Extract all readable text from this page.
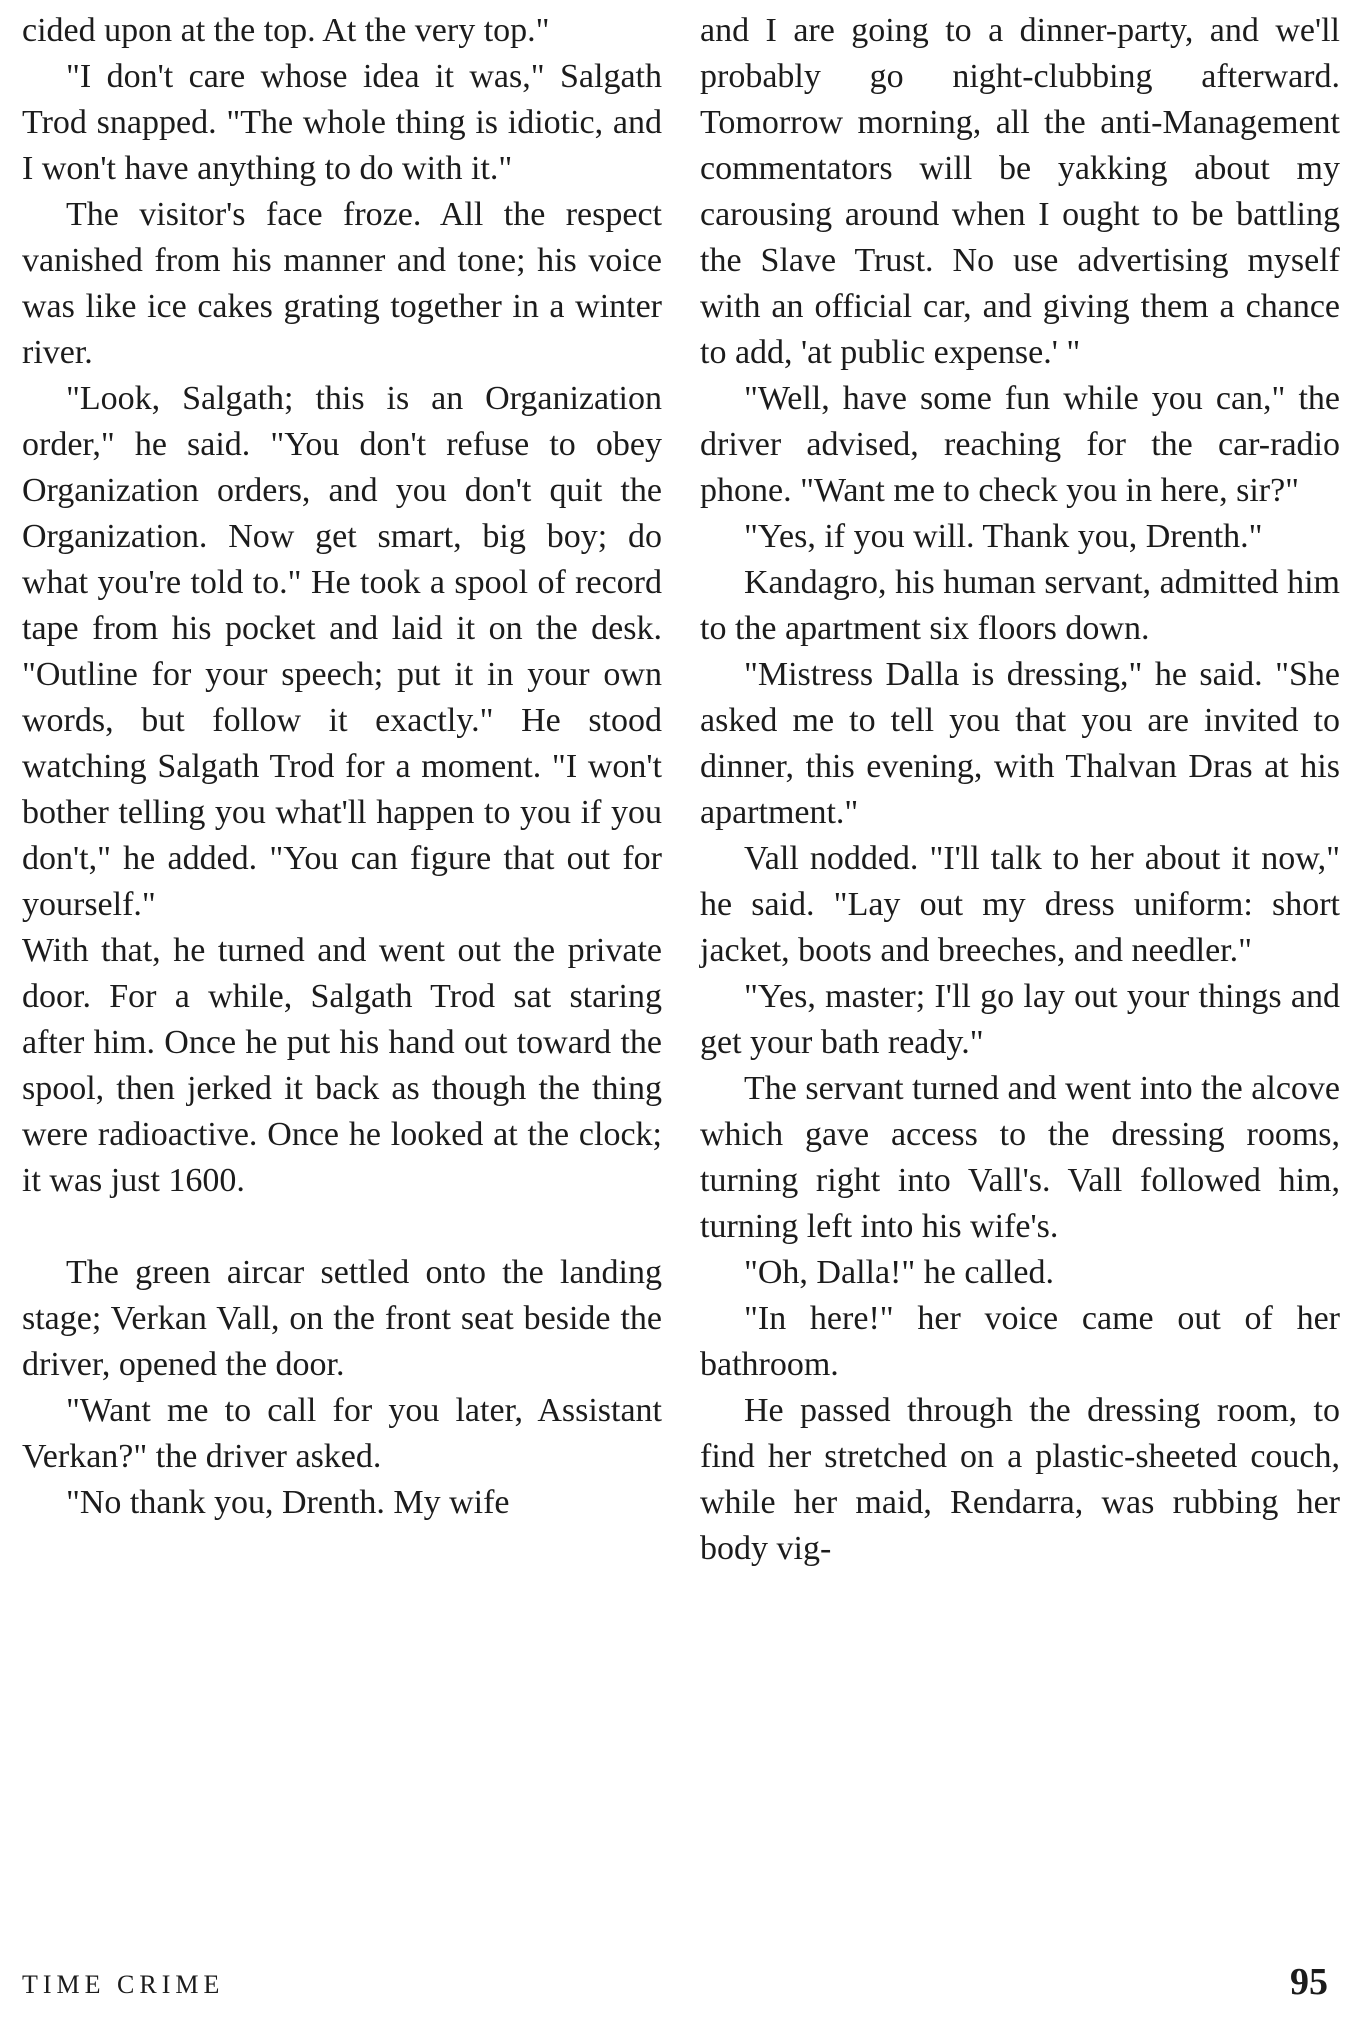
cided upon at the top. At the very top."

"I don't care whose idea it was," Salgath Trod snapped. "The whole thing is idiotic, and I won't have anything to do with it."

The visitor's face froze. All the respect vanished from his manner and tone; his voice was like ice cakes grating together in a winter river.

"Look, Salgath; this is an Organization order," he said. "You don't refuse to obey Organization orders, and you don't quit the Organization. Now get smart, big boy; do what you're told to." He took a spool of record tape from his pocket and laid it on the desk. "Outline for your speech; put it in your own words, but follow it exactly." He stood watching Salgath Trod for a moment. "I won't bother telling you what'll happen to you if you don't," he added. "You can figure that out for yourself."

With that, he turned and went out the private door. For a while, Salgath Trod sat staring after him. Once he put his hand out toward the spool, then jerked it back as though the thing were radioactive. Once he looked at the clock; it was just 1600.

The green aircar settled onto the landing stage; Verkan Vall, on the front seat beside the driver, opened the door.

"Want me to call for you later, Assistant Verkan?" the driver asked.

"No thank you, Drenth. My wife

and I are going to a dinner-party, and we'll probably go night-clubbing afterward. Tomorrow morning, all the anti-Management commentators will be yakking about my carousing around when I ought to be battling the Slave Trust. No use advertising myself with an official car, and giving them a chance to add, 'at public expense.' "

"Well, have some fun while you can," the driver advised, reaching for the car-radio phone. "Want me to check you in here, sir?"

"Yes, if you will. Thank you, Drenth."

Kandagro, his human servant, admitted him to the apartment six floors down.

"Mistress Dalla is dressing," he said. "She asked me to tell you that you are invited to dinner, this evening, with Thalvan Dras at his apartment."

Vall nodded. "I'll talk to her about it now," he said. "Lay out my dress uniform: short jacket, boots and breeches, and needler."

"Yes, master; I'll go lay out your things and get your bath ready."

The servant turned and went into the alcove which gave access to the dressing rooms, turning right into Vall's. Vall followed him, turning left into his wife's.

"Oh, Dalla!" he called.

"In here!" her voice came out of her bathroom.

He passed through the dressing room, to find her stretched on a plastic-sheeted couch, while her maid, Rendarra, was rubbing her body vig-

TIME CRIME	95
